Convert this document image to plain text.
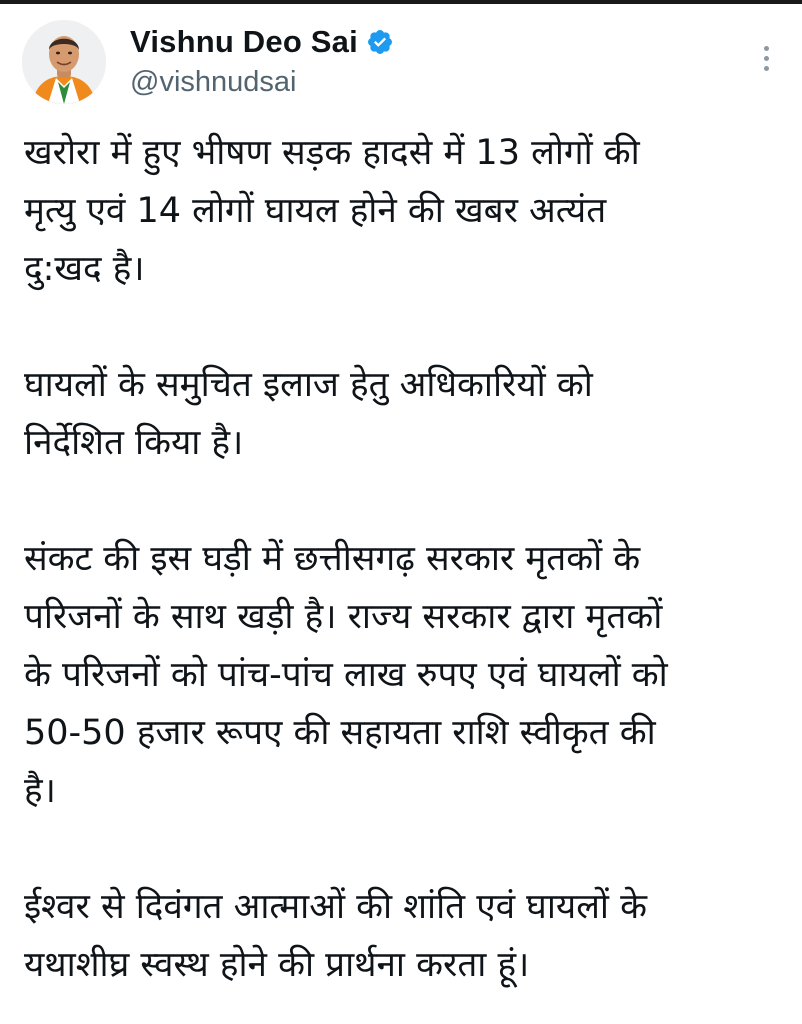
Vishnu Deo Sai
@vishnudsai

खरोरा में हुए भीषण सड़क हादसे में 13 लोगों की
मृत्यु एवं 14 लोगों घायल होने की खबर अत्यंत
दु:खद है।

घायलों के समुचित इलाज हेतु अधिकारियों को
निर्देशित किया है।

संकट की इस घड़ी में छत्तीसगढ़ सरकार मृतकों के
परिजनों के साथ खड़ी है। राज्य सरकार द्वारा मृतकों
के परिजनों को पांच-पांच लाख रुपए एवं घायलों को
50-50 हजार रूपए की सहायता राशि स्वीकृत की
है।

ईश्वर से दिवंगत आत्माओं की शांति एवं घायलों के
यथाशीघ्र स्वस्थ होने की प्रार्थना करता हूं।
